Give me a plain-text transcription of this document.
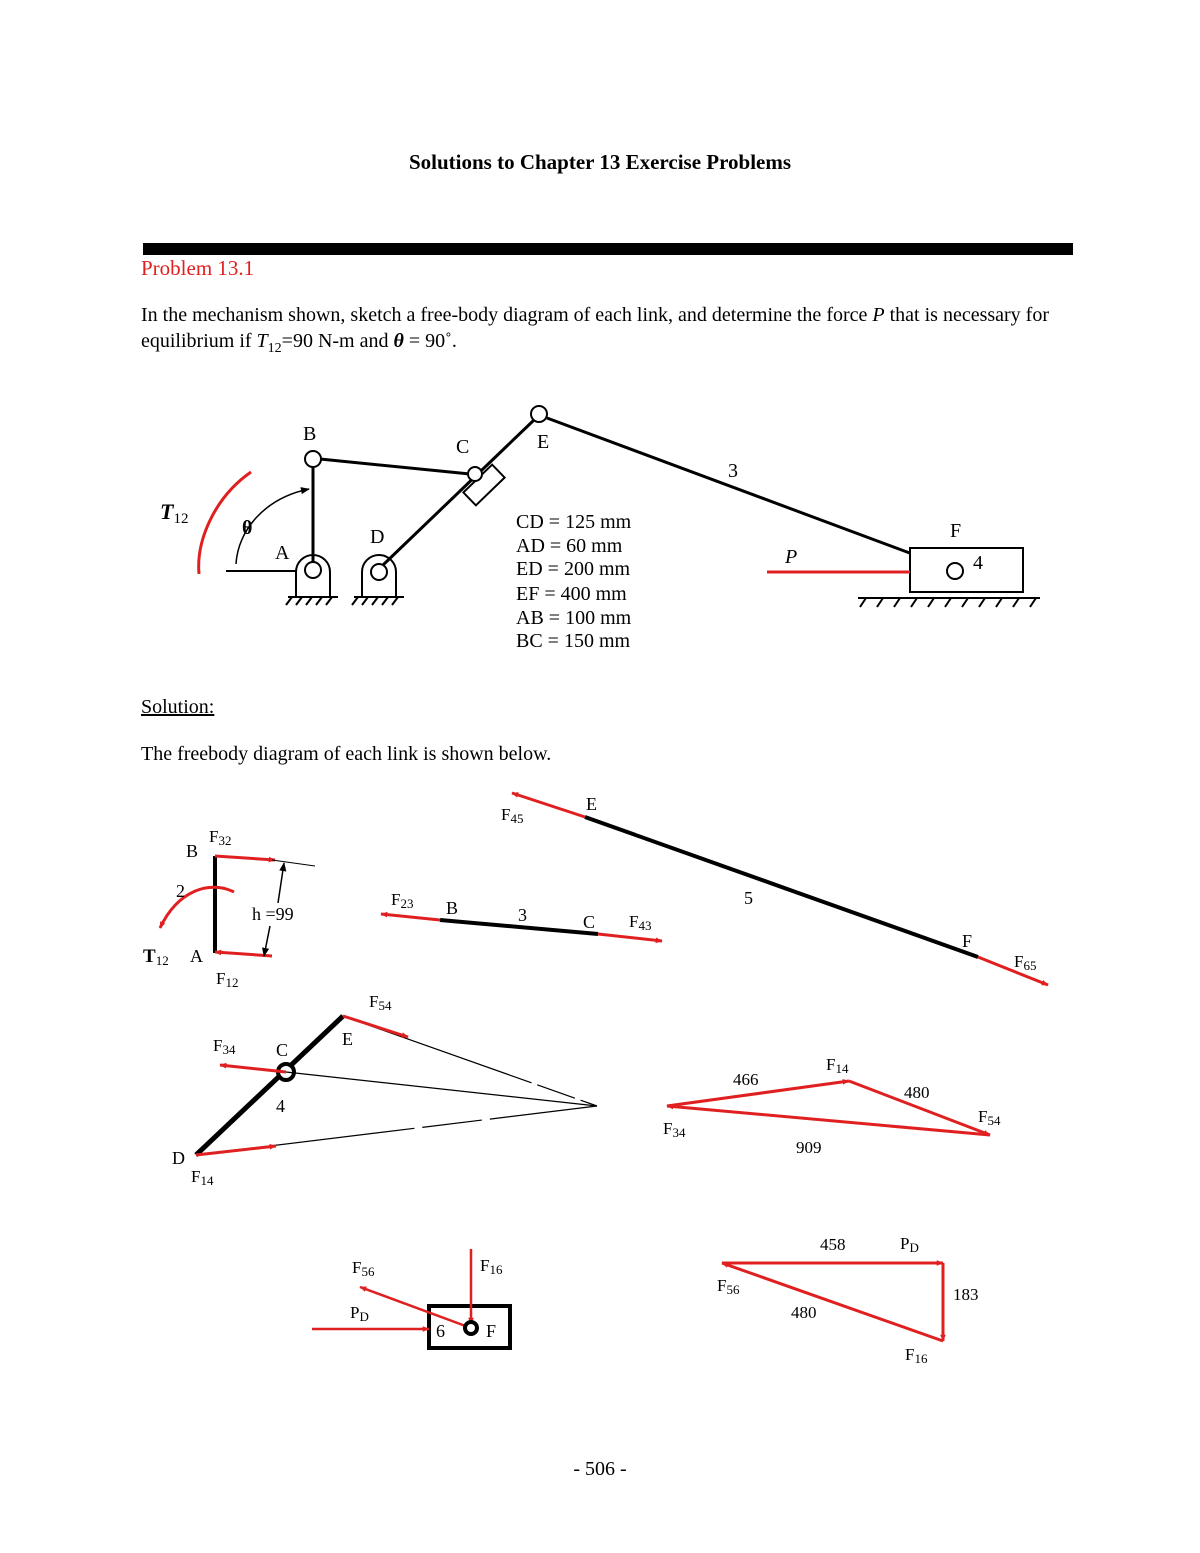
Solutions to Chapter 13 Exercise Problems
Problem 13.1
In the mechanism shown, sketch a free-body diagram of each link, and determine the force P that is necessary for equilibrium if $T_{12}=90$ N-m and θ = 90˚.
B
C	E
D
A
F
3
4
θ
P
T12	CD = 125 mm
AD = 60 mm
ED = 200 mm
EF = 400 mm
AB = 100 mm
BC = 150 mm
B
A
2
h =99
F32
F12
T12
B
C
3
F23
F43
E
F
5
F45
F65
C
E
D
4
F34
F54
F14
466
480
909
F14
F54
F34
6 F
F56	F16
PD
458
183
480
PD
F56
F16
Solution:
The freebody diagram of each link is shown below.
- 506 -
